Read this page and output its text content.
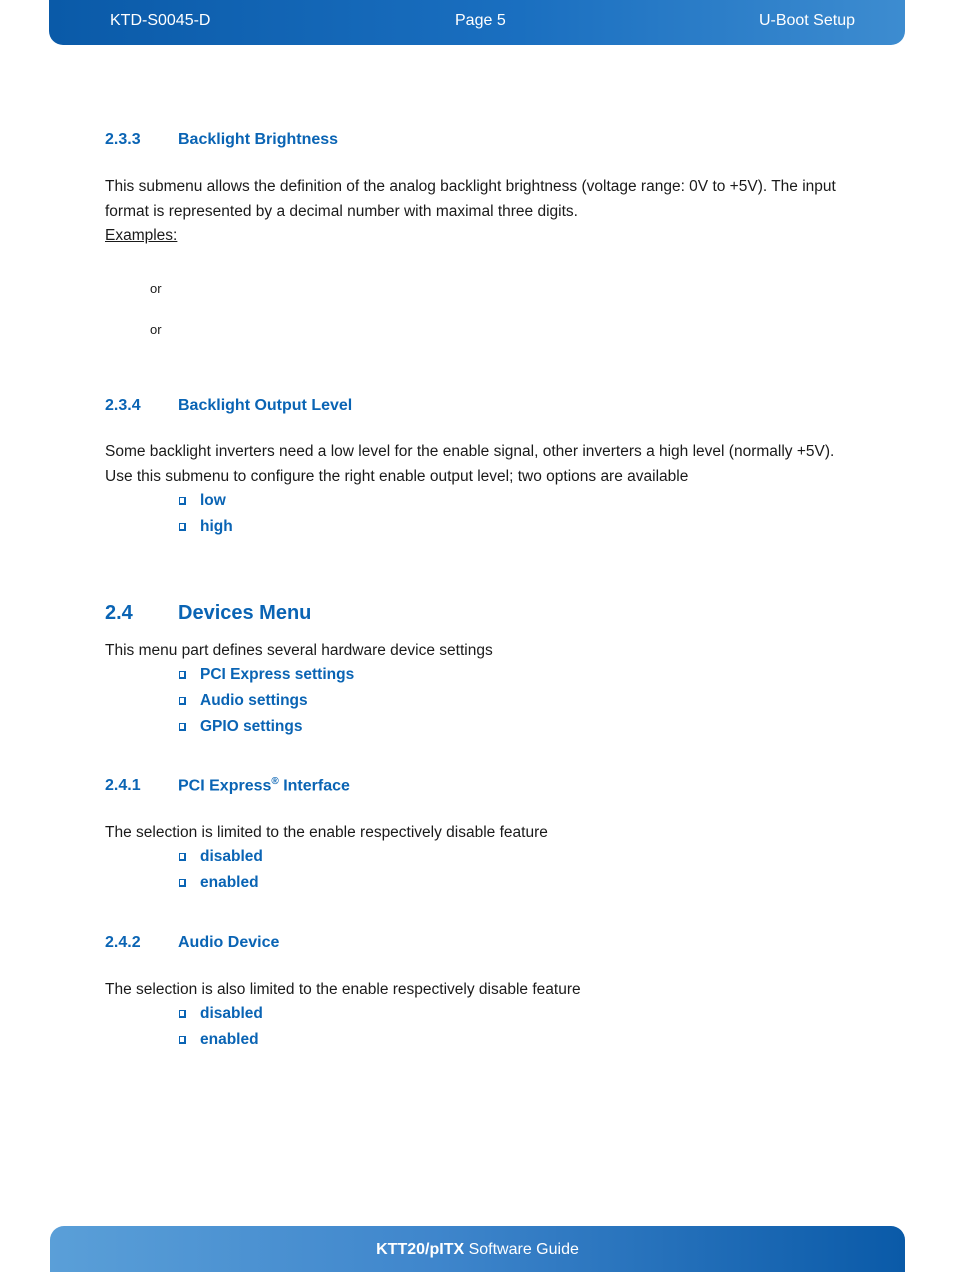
KTD-S0045-D	Page 5	U-Boot Setup
2.3.3 Backlight Brightness
This submenu allows the definition of the analog backlight brightness (voltage range: 0V to +5V). The input
format is represented by a decimal number with maximal three digits.
Examples:
or
or
2.3.4 Backlight Output Level
Some backlight inverters need a low level for the enable signal, other inverters a high level (normally +5V).
Use this submenu to configure the right enable output level; two options are available
low
high
2.4 Devices Menu
This menu part defines several hardware device settings
PCI Express settings
Audio settings
GPIO settings
2.4.1 PCI Express® Interface
The selection is limited to the enable respectively disable feature
disabled
enabled
2.4.2 Audio Device
The selection is also limited to the enable respectively disable feature
disabled
enabled
KTT20/pITX Software Guide
